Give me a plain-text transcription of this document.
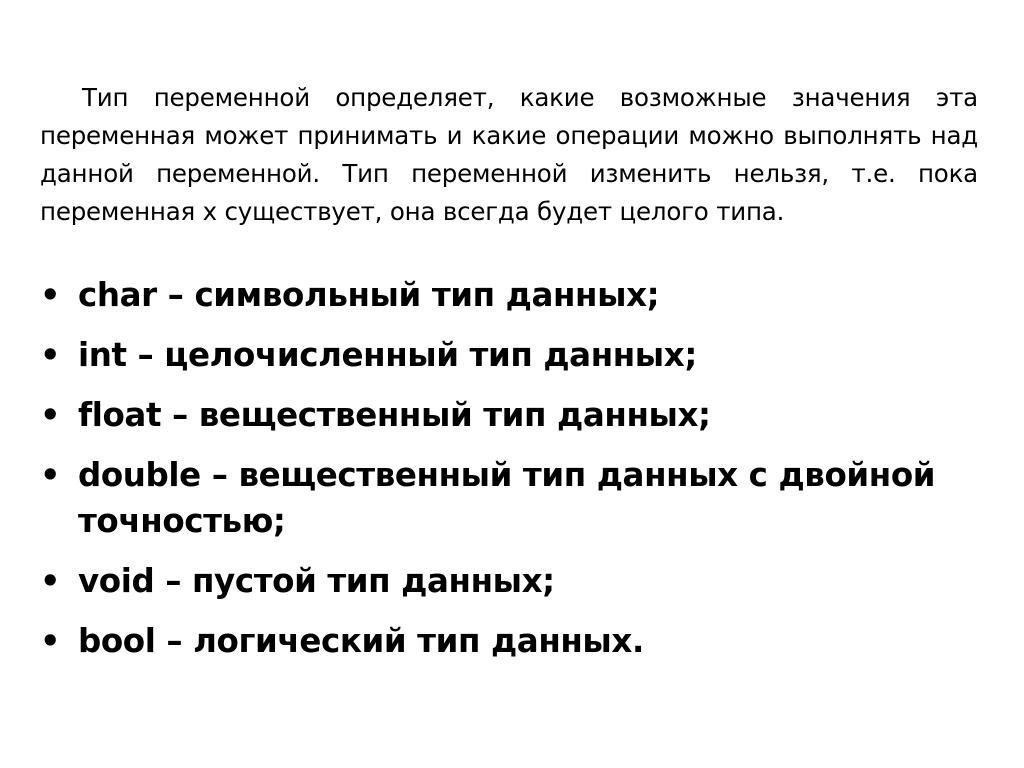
Тип переменной определяет, какие возможные значения эта переменная может принимать и какие операции можно выполнять над данной переменной. Тип переменной изменить нельзя, т.е. пока переменная x существует, она всегда будет целого типа.

• char – символьный тип данных;
• int – целочисленный тип данных;
• float – вещественный тип данных;
• double – вещественный тип данных с двойной точностью;
• void – пустой тип данных;
• bool – логический тип данных.
